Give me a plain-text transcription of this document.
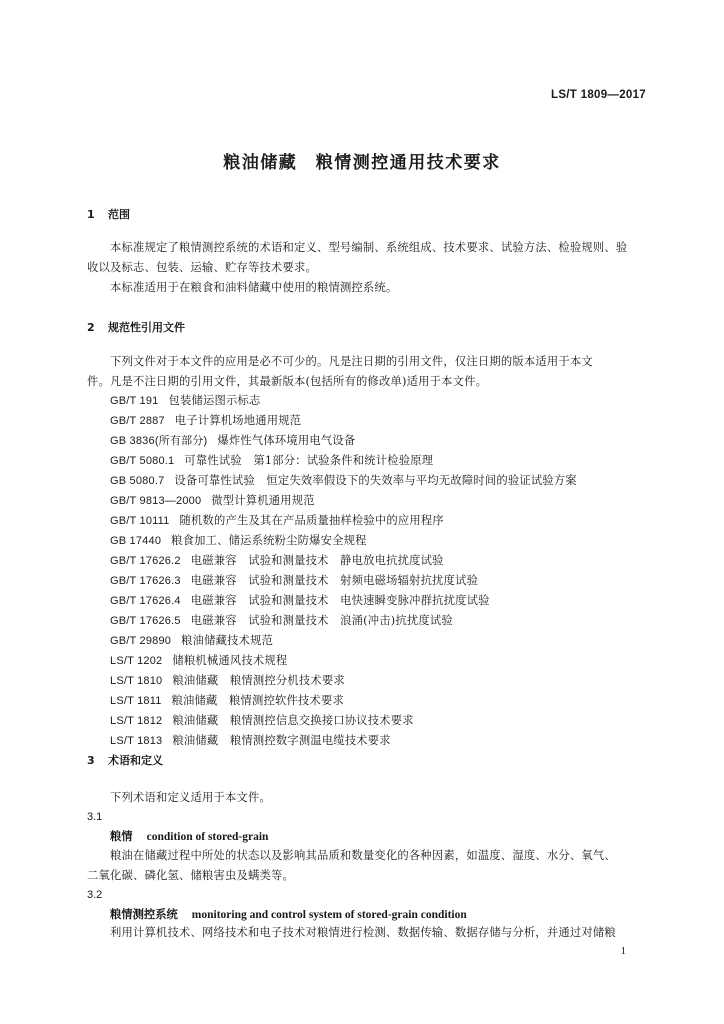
LS/T 1809—2017
粮油储藏　粮情测控通用技术要求
1 范围
本标准规定了粮情测控系统的术语和定义、型号编制、系统组成、技术要求、试验方法、检验规则、验
收以及标志、包装、运输、贮存等技术要求。
本标准适用于在粮食和油料储藏中使用的粮情测控系统。
2 规范性引用文件
下列文件对于本文件的应用是必不可少的。凡是注日期的引用文件，仅注日期的版本适用于本文
件。凡是不注日期的引用文件，其最新版本(包括所有的修改单)适用于本文件。
GB/T 191 包装储运图示标志
GB/T 2887 电子计算机场地通用规范
GB 3836(所有部分) 爆炸性气体环境用电气设备
GB/T 5080.1 可靠性试验　第1部分：试验条件和统计检验原理
GB 5080.7 设备可靠性试验　恒定失效率假设下的失效率与平均无故障时间的验证试验方案
GB/T 9813—2000 微型计算机通用规范
GB/T 10111 随机数的产生及其在产品质量抽样检验中的应用程序
GB 17440 粮食加工、储运系统粉尘防爆安全规程
GB/T 17626.2 电磁兼容　试验和测量技术　静电放电抗扰度试验
GB/T 17626.3 电磁兼容　试验和测量技术　射频电磁场辐射抗扰度试验
GB/T 17626.4 电磁兼容　试验和测量技术　电快速瞬变脉冲群抗扰度试验
GB/T 17626.5 电磁兼容　试验和测量技术　浪涌(冲击)抗扰度试验
GB/T 29890 粮油储藏技术规范
LS/T 1202 储粮机械通风技术规程
LS/T 1810 粮油储藏　粮情测控分机技术要求
LS/T 1811 粮油储藏　粮情测控软件技术要求
LS/T 1812 粮油储藏　粮情测控信息交换接口协议技术要求
LS/T 1813 粮油储藏　粮情测控数字测温电缆技术要求
3 术语和定义
下列术语和定义适用于本文件。
3.1
粮情 condition of stored-grain
粮油在储藏过程中所处的状态以及影响其品质和数量变化的各种因素，如温度、湿度、水分、氧气、
二氧化碳、磷化氢、储粮害虫及螨类等。
3.2
粮情测控系统 monitoring and control system of stored-grain condition
利用计算机技术、网络技术和电子技术对粮情进行检测、数据传输、数据存储与分析，并通过对储粮
1
